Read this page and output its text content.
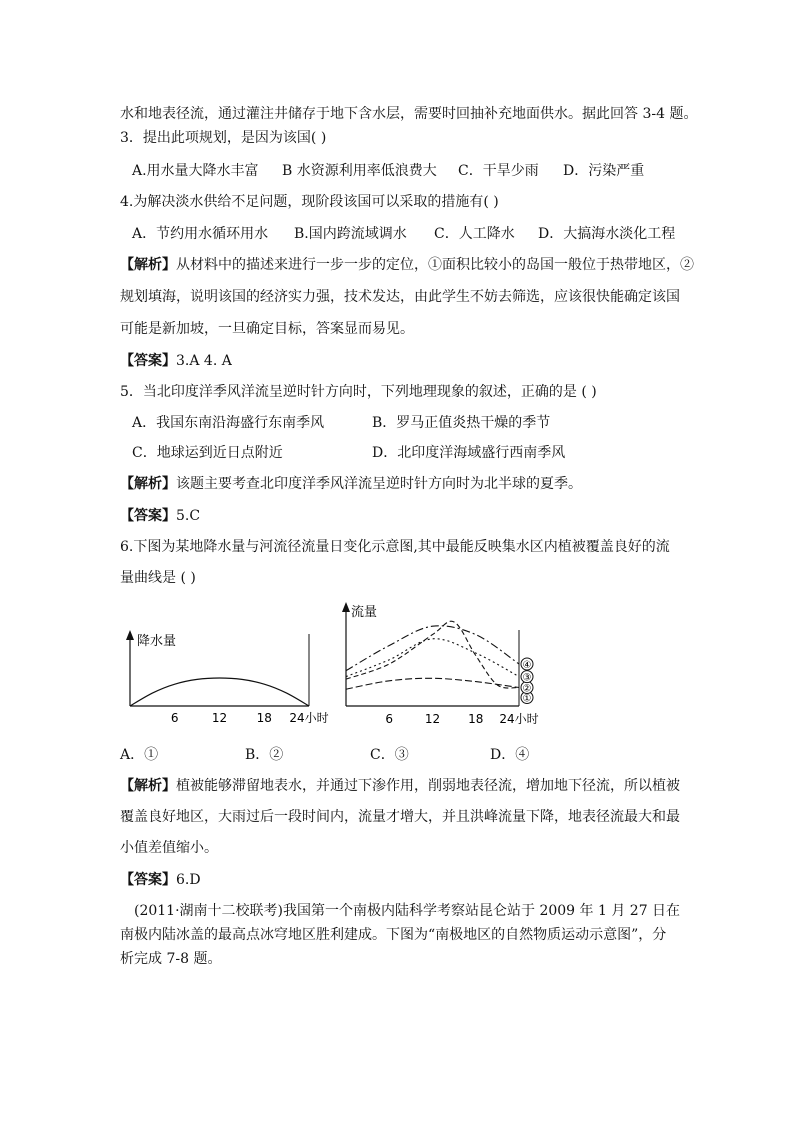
水和地表径流，通过灌注井储存于地下含水层，需要时回抽补充地面供水。据此回答 3-4 题。
3．提出此项规划，是因为该国( )
A.用水量大降水丰富 B 水资源利用率低浪费大 C．干旱少雨 D．污染严重
4.为解决淡水供给不足问题，现阶段该国可以采取的措施有( )
A．节约用水循环用水 B.国内跨流域调水 C．人工降水 D．大搞海水淡化工程
【解析】从材料中的描述来进行一步一步的定位，①面积比较小的岛国一般位于热带地区，②
规划填海，说明该国的经济实力强，技术发达，由此学生不妨去筛选，应该很快能确定该国
可能是新加坡，一旦确定目标，答案显而易见。
【答案】3.A 4. A
5．当北印度洋季风洋流呈逆时针方向时，下列地理现象的叙述，正确的是 ( )
A．我国东南沿海盛行东南季风	B．罗马正值炎热干燥的季节
C．地球运到近日点附近	D．北印度洋海域盛行西南季风
【解析】该题主要考查北印度洋季风洋流呈逆时针方向时为北半球的夏季。
【答案】5.C
6.下图为某地降水量与河流径流量日变化示意图,其中最能反映集水区内植被覆盖良好的流
量曲线是 ( )
降水量
6	12 18 24小时
流量
①
②
③
④
6	12 18 24小时
A．①	B．②	C．③	D．④
【解析】植被能够滞留地表水，并通过下渗作用，削弱地表径流，增加地下径流，所以植被
覆盖良好地区，大雨过后一段时间内，流量才增大，并且洪峰流量下降，地表径流最大和最
小值差值缩小。
【答案】6.D
(2011·湖南十二校联考)我国第一个南极内陆科学考察站昆仑站于 2009 年 1 月 27 日在
南极内陆冰盖的最高点冰穹地区胜利建成。下图为“南极地区的自然物质运动示意图”，分
析完成 7-8 题。
